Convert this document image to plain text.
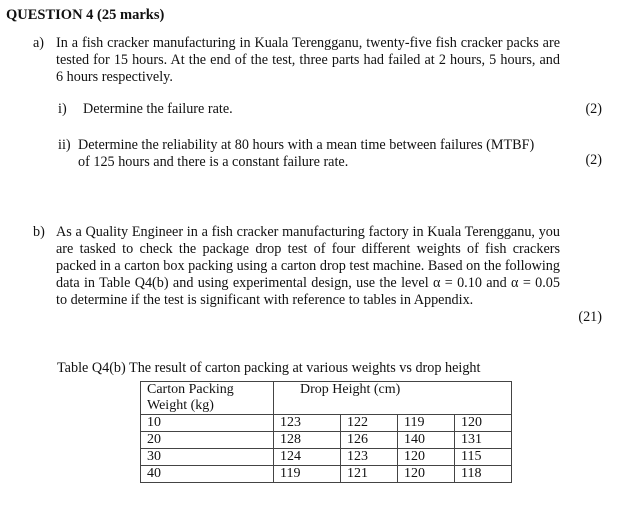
QUESTION 4 (25 marks)
a) In a fish cracker manufacturing in Kuala Terengganu, twenty-five fish cracker packs are tested for 15 hours. At the end of the test, three parts had failed at 2 hours, 5 hours, and 6 hours respectively.
i) Determine the failure rate.	(2)
ii) Determine the reliability at 80 hours with a mean time between failures (MTBF)
of 125 hours and there is a constant failure rate.	(2)
b) As a Quality Engineer in a fish cracker manufacturing factory in Kuala Terengganu, you are tasked to check the package drop test of four different weights of fish crackers packed in a carton box packing using a carton drop test machine. Based on the following data in Table Q4(b) and using experimental design, use the level α = 0.10 and α = 0.05 to determine if the test is significant with reference to tables in Appendix.
(21)
Table Q4(b) The result of carton packing at various weights vs drop height
Carton Packing
Weight (kg)	Drop Height (cm)			
10	123	122	119	120
20	128	126	140	131
30	124	123	120	115
40	119	121	120	118
